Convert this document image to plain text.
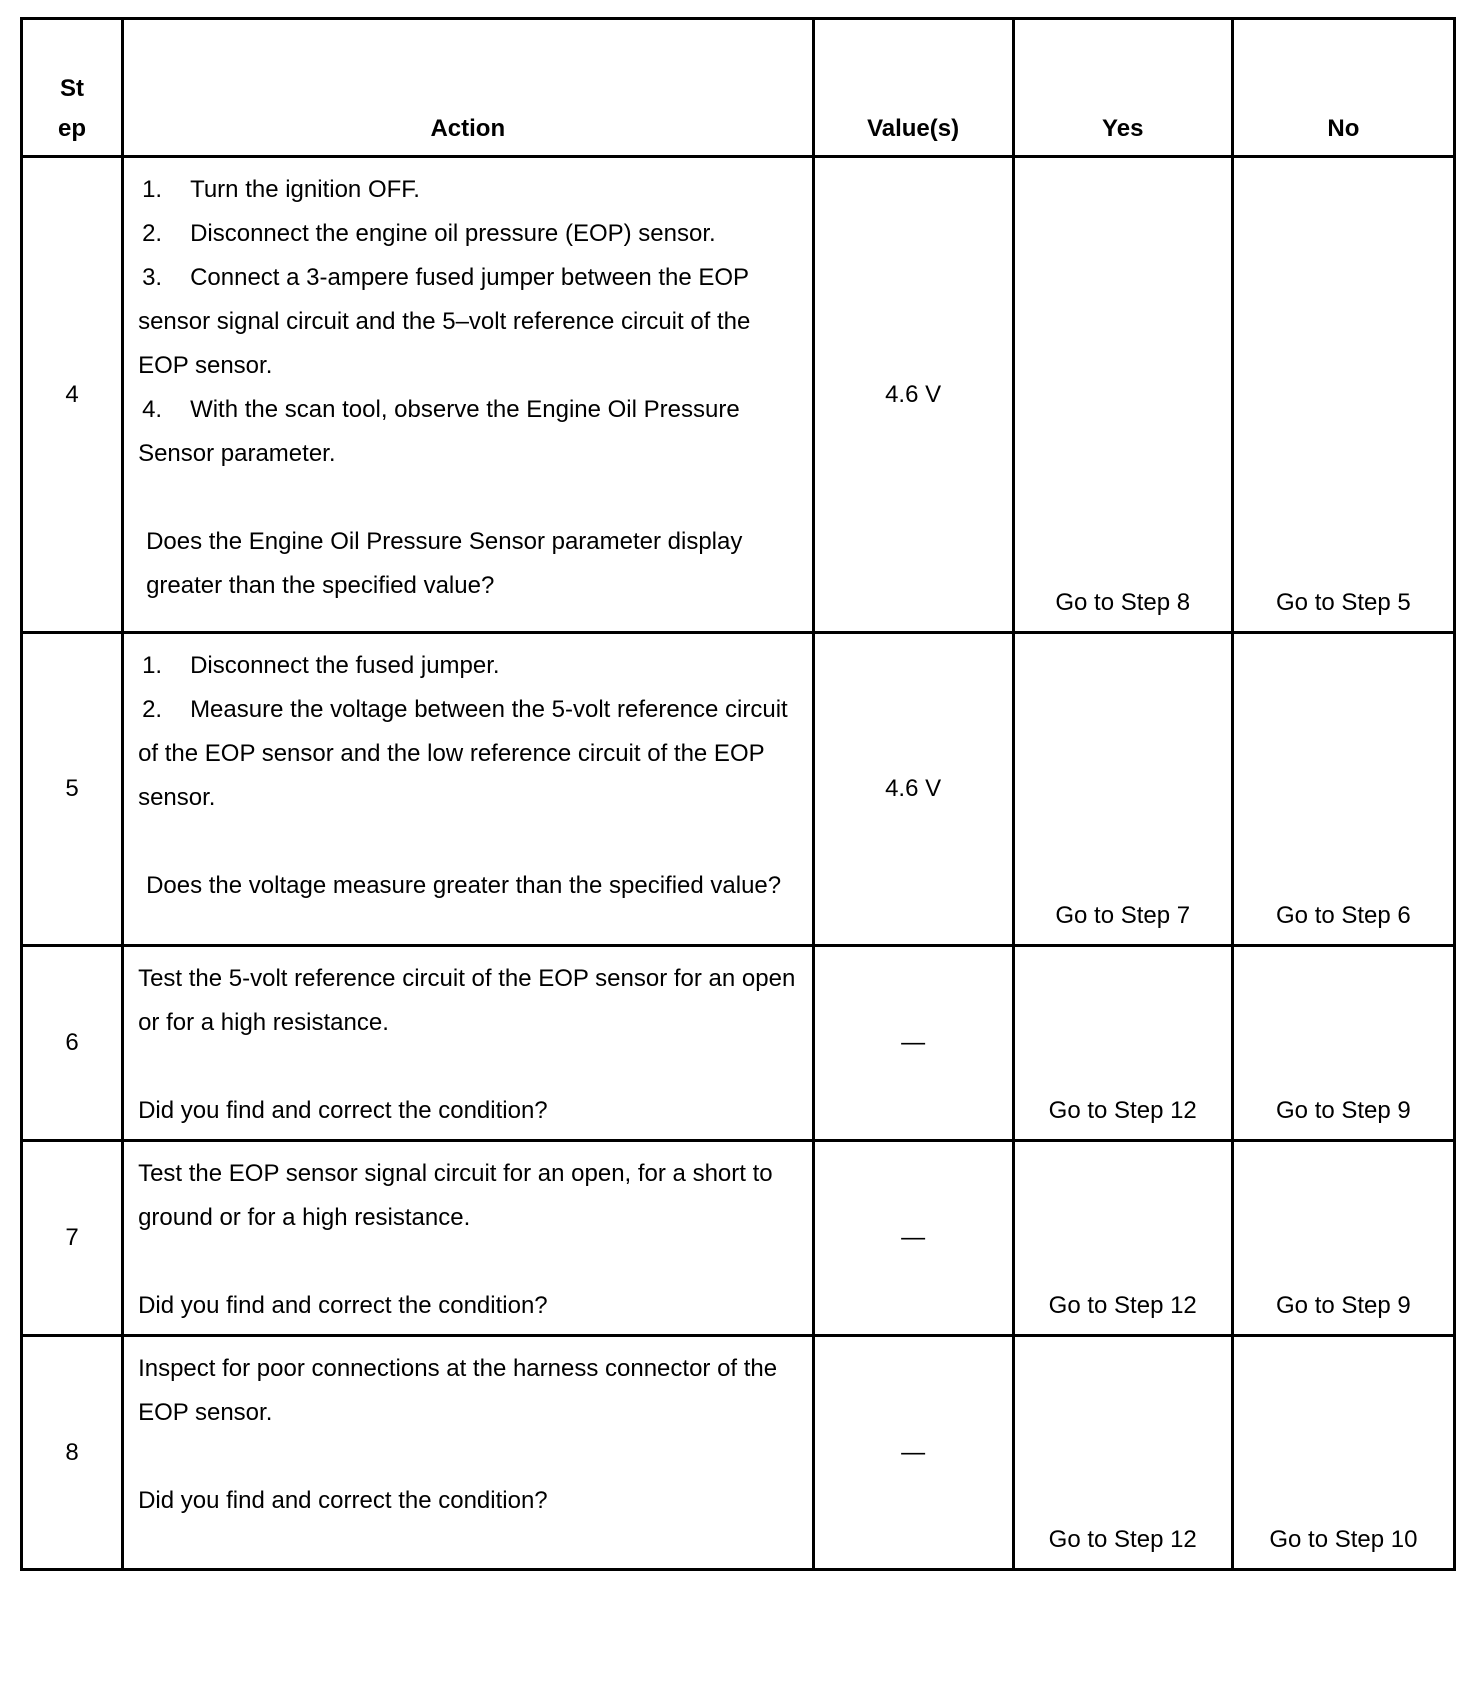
St
ep	Action	Value(s)	Yes	No

4	1. Turn the ignition OFF.
2. Disconnect the engine oil pressure (EOP) sensor.
3. Connect a 3-ampere fused jumper between the EOP sensor signal circuit and the 5–volt reference circuit of the EOP sensor.
4. With the scan tool, observe the Engine Oil Pressure Sensor parameter.
Does the Engine Oil Pressure Sensor parameter display greater than the specified value?	4.6 V	Go to Step 8	Go to Step 5

5	1. Disconnect the fused jumper.
2. Measure the voltage between the 5-volt reference circuit of the EOP sensor and the low reference circuit of the EOP sensor.
Does the voltage measure greater than the specified value?	4.6 V	Go to Step 7	Go to Step 6

6	Test the 5-volt reference circuit of the EOP sensor for an open or for a high resistance.
Did you find and correct the condition?	—	Go to Step 12	Go to Step 9

7	Test the EOP sensor signal circuit for an open, for a short to ground or for a high resistance.
Did you find and correct the condition?	—	Go to Step 12	Go to Step 9

8	Inspect for poor connections at the harness connector of the EOP sensor.
Did you find and correct the condition?	—	Go to Step 12	Go to Step 10
